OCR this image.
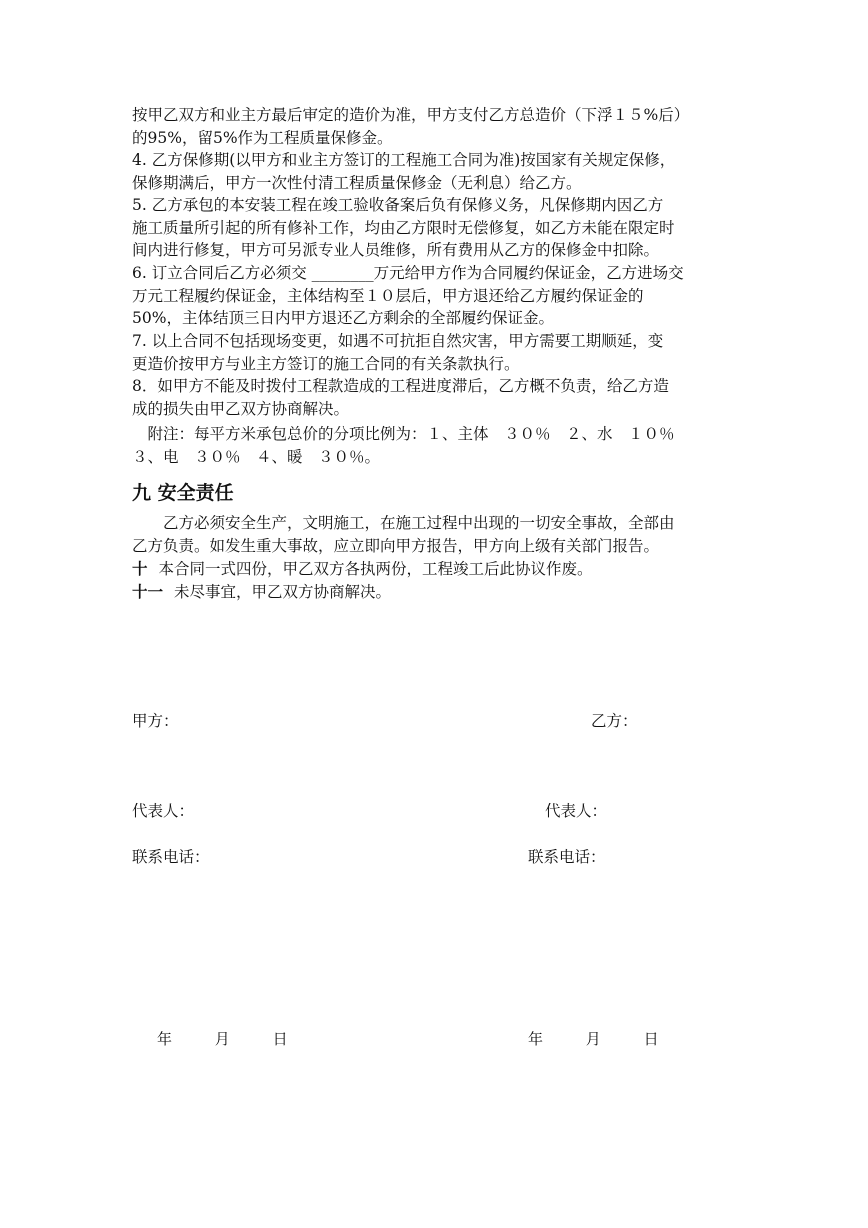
按甲乙双方和业主方最后审定的造价为准，甲方支付乙方总造价（下浮１５%后）
的95%，留5%作为工程质量保修金。
4. 乙方保修期(以甲方和业主方签订的工程施工合同为准)按国家有关规定保修，
保修期满后，甲方一次性付清工程质量保修金（无利息）给乙方。
5. 乙方承包的本安装工程在竣工验收备案后负有保修义务，凡保修期内因乙方
施工质量所引起的所有修补工作，均由乙方限时无偿修复，如乙方未能在限定时
间内进行修复，甲方可另派专业人员维修，所有费用从乙方的保修金中扣除。
6. 订立合同后乙方必须交 ________万元给甲方作为合同履约保证金，乙方进场交
万元工程履约保证金，主体结构至１０层后，甲方退还给乙方履约保证金的
50%，主体结顶三日内甲方退还乙方剩余的全部履约保证金。
7. 以上合同不包括现场变更，如遇不可抗拒自然灾害，甲方需要工期顺延，变
更造价按甲方与业主方签订的施工合同的有关条款执行。
8．如甲方不能及时拨付工程款造成的工程进度滞后，乙方概不负责，给乙方造
成的损失由甲乙双方协商解决。
　附注：每平方米承包总价的分项比例为：１、主体　３０％　２、水　１０％
３、电　３０％　４、暖　３０％。
九 安全责任
　　乙方必须安全生产，文明施工，在施工过程中出现的一切安全事故，全部由
乙方负责。如发生重大事故，应立即向甲方报告，甲方向上级有关部门报告。
十 本合同一式四份，甲乙双方各执两份，工程竣工后此协议作废。
十一 未尽事宜，甲乙双方协商解决。
甲方：	乙方：
代表人：	代表人：
联系电话：	联系电话：
年	月	日	年	月	日
